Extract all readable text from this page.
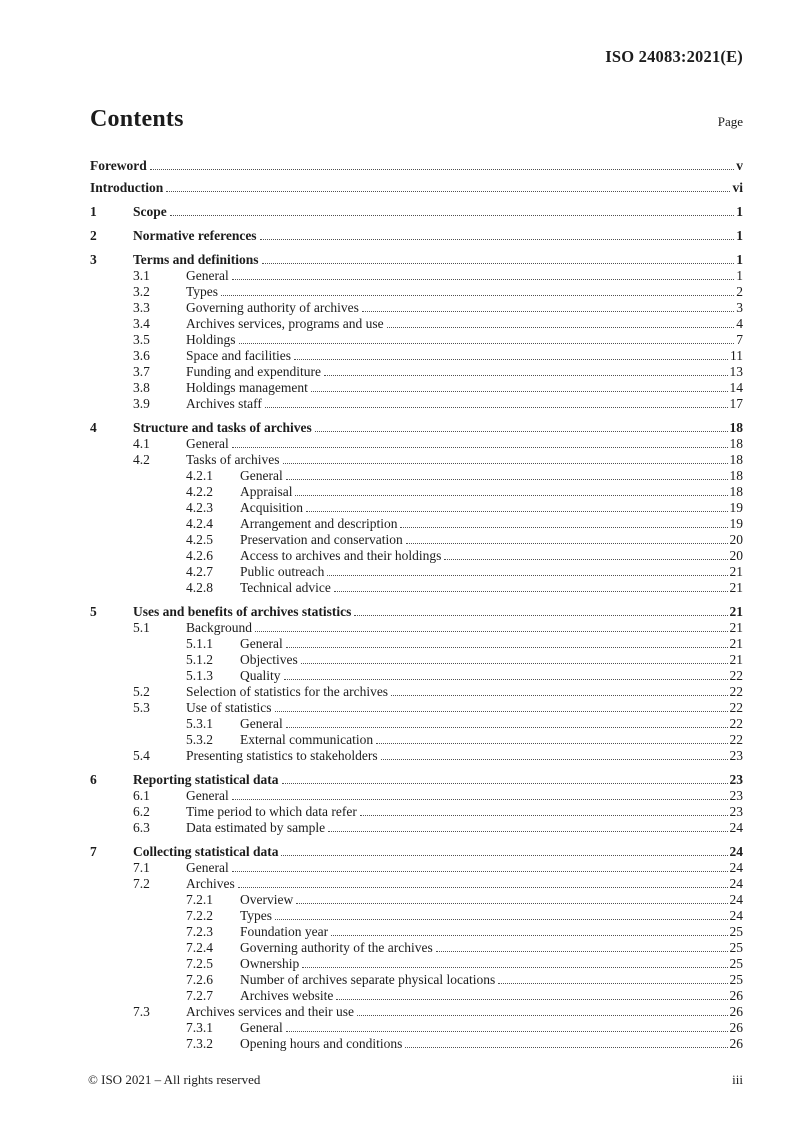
ISO 24083:2021(E)
Contents	Page
Foreword	v
Introduction	vi
1	Scope	1
2	Normative references	1
3	Terms and definitions	1
3.1	General	1
3.2	Types	2
3.3	Governing authority of archives	3
3.4	Archives services, programs and use	4
3.5	Holdings	7
3.6	Space and facilities	11
3.7	Funding and expenditure	13
3.8	Holdings management	14
3.9	Archives staff	17
4	Structure and tasks of archives	18
4.1	General	18
4.2	Tasks of archives	18
4.2.1	General	18
4.2.2	Appraisal	18
4.2.3	Acquisition	19
4.2.4	Arrangement and description	19
4.2.5	Preservation and conservation	20
4.2.6	Access to archives and their holdings	20
4.2.7	Public outreach	21
4.2.8	Technical advice	21
5	Uses and benefits of archives statistics	21
5.1	Background	21
5.1.1	General	21
5.1.2	Objectives	21
5.1.3	Quality	22
5.2	Selection of statistics for the archives	22
5.3	Use of statistics	22
5.3.1	General	22
5.3.2	External communication	22
5.4	Presenting statistics to stakeholders	23
6	Reporting statistical data	23
6.1	General	23
6.2	Time period to which data refer	23
6.3	Data estimated by sample	24
7	Collecting statistical data	24
7.1	General	24
7.2	Archives	24
7.2.1	Overview	24
7.2.2	Types	24
7.2.3	Foundation year	25
7.2.4	Governing authority of the archives	25
7.2.5	Ownership	25
7.2.6	Number of archives separate physical locations	25
7.2.7	Archives website	26
7.3	Archives services and their use	26
7.3.1	General	26
7.3.2	Opening hours and conditions	26
© ISO 2021 – All rights reserved	iii
